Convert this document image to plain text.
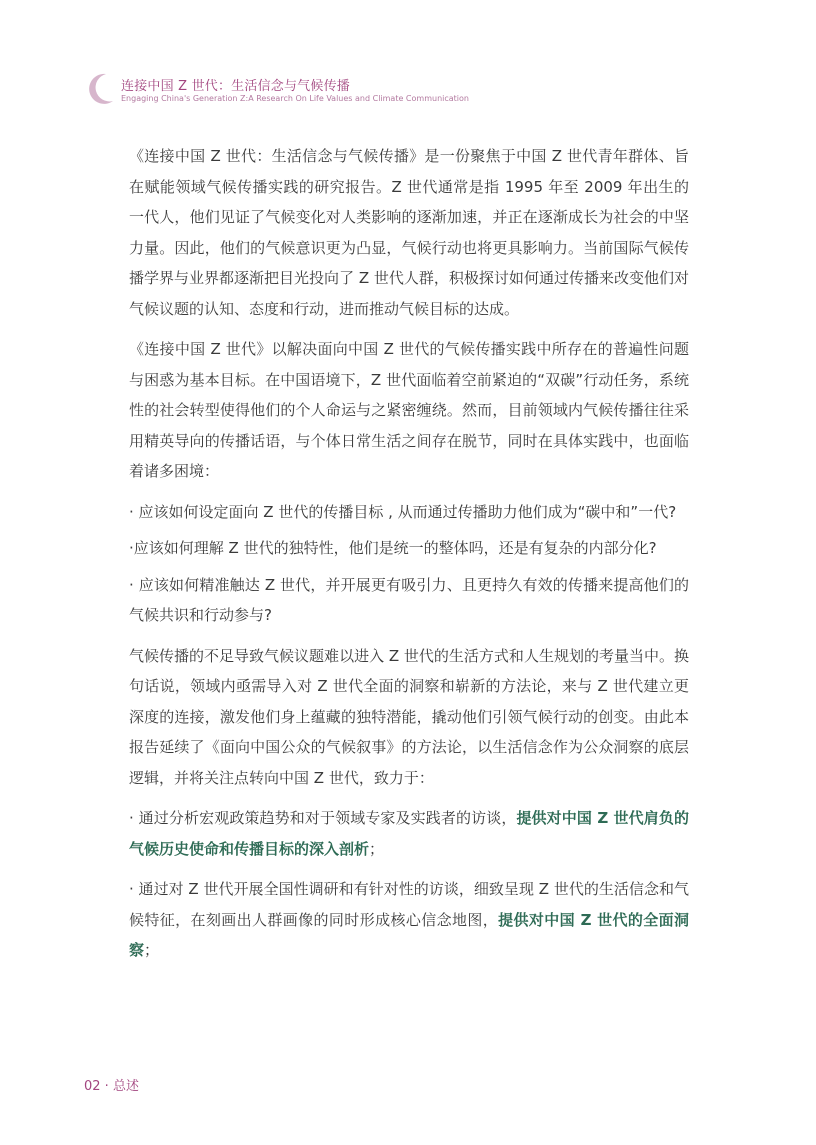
连接中国 Z 世代：生活信念与气候传播
Engaging China's Generation Z:A Research On Life Values and Climate Communication

《连接中国 Z 世代：生活信念与气候传播》是一份聚焦于中国 Z 世代青年群体、旨在赋能领域气候传播实践的研究报告。Z 世代通常是指 1995 年至 2009 年出生的一代人，他们见证了气候变化对人类影响的逐渐加速，并正在逐渐成长为社会的中坚力量。因此，他们的气候意识更为凸显，气候行动也将更具影响力。当前国际气候传播学界与业界都逐渐把目光投向了 Z 世代人群，积极探讨如何通过传播来改变他们对气候议题的认知、态度和行动，进而推动气候目标的达成。

《连接中国 Z 世代》以解决面向中国 Z 世代的气候传播实践中所存在的普遍性问题与困惑为基本目标。在中国语境下，Z 世代面临着空前紧迫的“双碳”行动任务，系统性的社会转型使得他们的个人命运与之紧密缠绕。然而，目前领域内气候传播往往采用精英导向的传播话语，与个体日常生活之间存在脱节，同时在具体实践中，也面临着诸多困境：

· 应该如何设定面向 Z 世代的传播目标 , 从而通过传播助力他们成为“碳中和”一代?

·应该如何理解 Z 世代的独特性，他们是统一的整体吗，还是有复杂的内部分化?

· 应该如何精准触达 Z 世代，并开展更有吸引力、且更持久有效的传播来提高他们的气候共识和行动参与?

气候传播的不足导致气候议题难以进入 Z 世代的生活方式和人生规划的考量当中。换句话说，领域内亟需导入对 Z 世代全面的洞察和崭新的方法论，来与 Z 世代建立更深度的连接，激发他们身上蕴藏的独特潜能，撬动他们引领气候行动的创变。由此本报告延续了《面向中国公众的气候叙事》的方法论，以生活信念作为公众洞察的底层逻辑，并将关注点转向中国 Z 世代，致力于：

· 通过分析宏观政策趋势和对于领域专家及实践者的访谈，提供对中国 Z 世代肩负的气候历史使命和传播目标的深入剖析；

· 通过对 Z 世代开展全国性调研和有针对性的访谈，细致呈现 Z 世代的生活信念和气候特征，在刻画出人群画像的同时形成核心信念地图，提供对中国 Z 世代的全面洞察；

02 · 总述
